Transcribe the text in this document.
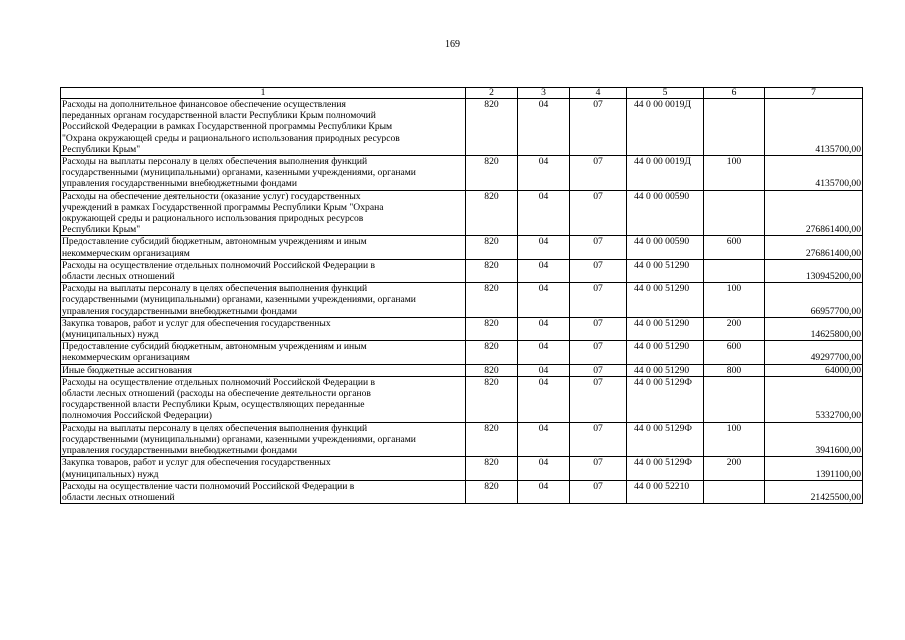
169
1	2	3	4	5	6	7
Расходы на дополнительное финансовое обеспечение осуществления
переданных органам государственной власти Республики Крым полномочий
Российской Федерации в рамках Государственной программы Республики Крым
"Охрана окружающей среды и рационального использования природных ресурсов
Республики Крым"	820	04	07	44 0 00 0019Д		4135700,00
Расходы на выплаты персоналу в целях обеспечения выполнения функций
государственными (муниципальными) органами, казенными учреждениями, органами
управления государственными внебюджетными фондами	820	04	07	44 0 00 0019Д	100	4135700,00
Расходы на обеспечение деятельности (оказание услуг) государственных
учреждений в рамках Государственной программы Республики Крым "Охрана
окружающей среды и рационального использования природных ресурсов
Республики Крым"	820	04	07	44 0 00 00590		276861400,00
Предоставление субсидий бюджетным, автономным учреждениям и иным
некоммерческим организациям	820	04	07	44 0 00 00590	600	276861400,00
Расходы на осуществление отдельных полномочий Российской Федерации в
области лесных отношений	820	04	07	44 0 00 51290		130945200,00
Расходы на выплаты персоналу в целях обеспечения выполнения функций
государственными (муниципальными) органами, казенными учреждениями, органами
управления государственными внебюджетными фондами	820	04	07	44 0 00 51290	100	66957700,00
Закупка товаров, работ и услуг для обеспечения государственных
(муниципальных) нужд	820	04	07	44 0 00 51290	200	14625800,00
Предоставление субсидий бюджетным, автономным учреждениям и иным
некоммерческим организациям	820	04	07	44 0 00 51290	600	49297700,00
Иные бюджетные ассигнования	820	04	07	44 0 00 51290	800	64000,00
Расходы на осуществление отдельных полномочий Российской Федерации в
области лесных отношений (расходы на обеспечение деятельности органов
государственной власти Республики Крым, осуществляющих переданные
полномочия Российской Федерации)	820	04	07	44 0 00 5129Ф		5332700,00
Расходы на выплаты персоналу в целях обеспечения выполнения функций
государственными (муниципальными) органами, казенными учреждениями, органами
управления государственными внебюджетными фондами	820	04	07	44 0 00 5129Ф	100	3941600,00
Закупка товаров, работ и услуг для обеспечения государственных
(муниципальных) нужд	820	04	07	44 0 00 5129Ф	200	1391100,00
Расходы на осуществление части полномочий Российской Федерации в
области лесных отношений	820	04	07	44 0 00 52210		21425500,00
